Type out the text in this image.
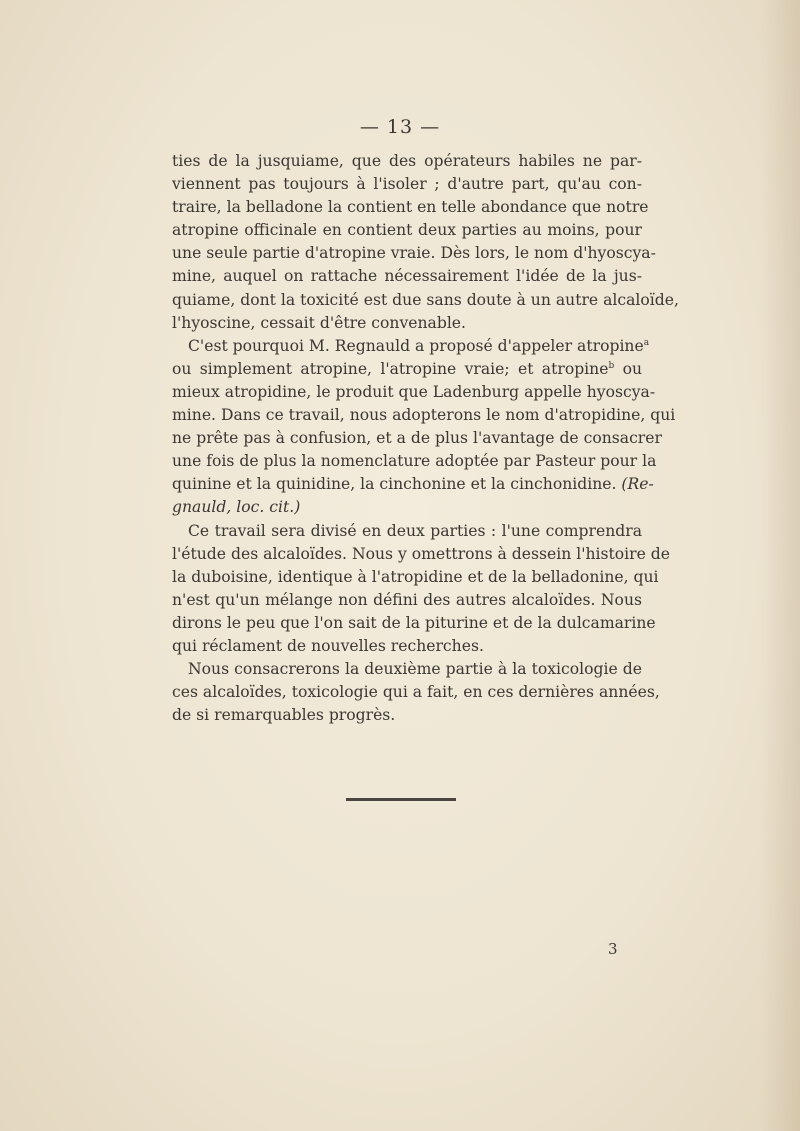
— 13 —
ties de la jusquiame, que des opérateurs habiles ne par-
viennent pas toujours à l'isoler ; d'autre part, qu'au con-
traire, la belladone la contient en telle abondance que notre
atropine officinale en contient deux parties au moins, pour
une seule partie d'atropine vraie. Dès lors, le nom d'hyoscya-
mine, auquel on rattache nécessairement l'idée de la jus-
quiame, dont la toxicité est due sans doute à un autre alcaloïde,
l'hyoscine, cessait d'être convenable.
C'est pourquoi M. Regnauld a proposé d'appeler atropine$^a$
ou simplement atropine, l'atropine vraie; et atropine$^b$ ou
mieux atropidine, le produit que Ladenburg appelle hyoscya-
mine. Dans ce travail, nous adopterons le nom d'atropidine, qui
ne prête pas à confusion, et a de plus l'avantage de consacrer
une fois de plus la nomenclature adoptée par Pasteur pour la
quinine et la quinidine, la cinchonine et la cinchonidine. (Re-
gnauld, loc. cit.)
Ce travail sera divisé en deux parties : l'une comprendra
l'étude des alcaloïdes. Nous y omettrons à dessein l'histoire de
la duboisine, identique à l'atropidine et de la belladonine, qui
n'est qu'un mélange non défini des autres alcaloïdes. Nous
dirons le peu que l'on sait de la piturine et de la dulcamarine
qui réclament de nouvelles recherches.
Nous consacrerons la deuxième partie à la toxicologie de
ces alcaloïdes, toxicologie qui a fait, en ces dernières années,
de si remarquables progrès.
3
